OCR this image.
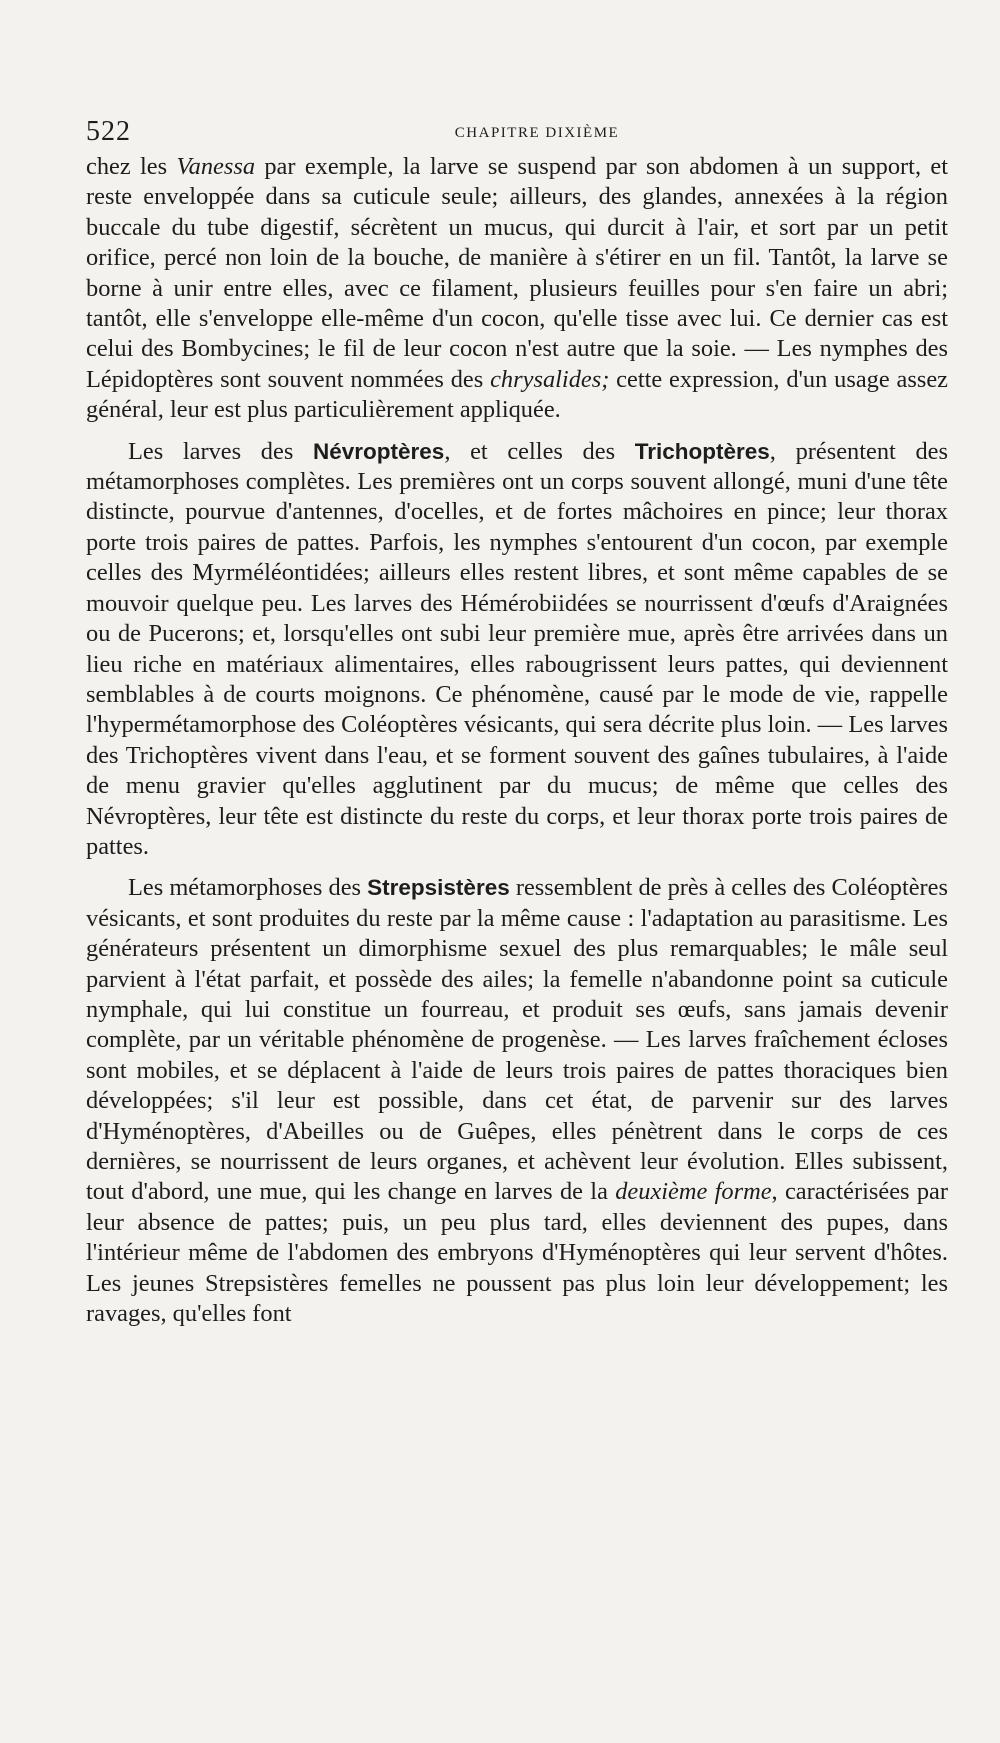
522	CHAPITRE DIXIÈME

chez les Vanessa par exemple, la larve se suspend par son abdomen à un support, et reste enveloppée dans sa cuticule seule; ailleurs, des glandes, annexées à la région buccale du tube digestif, sécrètent un mucus, qui durcit à l'air, et sort par un petit orifice, percé non loin de la bouche, de manière à s'étirer en un fil. Tantôt, la larve se borne à unir entre elles, avec ce filament, plusieurs feuilles pour s'en faire un abri; tantôt, elle s'enveloppe elle-même d'un cocon, qu'elle tisse avec lui. Ce dernier cas est celui des Bombycines; le fil de leur cocon n'est autre que la soie. — Les nymphes des Lépidoptères sont souvent nommées des chrysalides; cette expression, d'un usage assez général, leur est plus particulièrement appliquée.

Les larves des Névroptères, et celles des Trichoptères, présentent des métamorphoses complètes. Les premières ont un corps souvent allongé, muni d'une tête distincte, pourvue d'antennes, d'ocelles, et de fortes mâchoires en pince; leur thorax porte trois paires de pattes. Parfois, les nymphes s'entourent d'un cocon, par exemple celles des Myrméléontidées; ailleurs elles restent libres, et sont même capables de se mouvoir quelque peu. Les larves des Hémérobiidées se nourrissent d'œufs d'Araignées ou de Pucerons; et, lorsqu'elles ont subi leur première mue, après être arrivées dans un lieu riche en matériaux alimentaires, elles rabougrissent leurs pattes, qui deviennent semblables à de courts moignons. Ce phénomène, causé par le mode de vie, rappelle l'hypermétamorphose des Coléoptères vésicants, qui sera décrite plus loin. — Les larves des Trichoptères vivent dans l'eau, et se forment souvent des gaînes tubulaires, à l'aide de menu gravier qu'elles agglutinent par du mucus; de même que celles des Névroptères, leur tête est distincte du reste du corps, et leur thorax porte trois paires de pattes.

Les métamorphoses des Strepsistères ressemblent de près à celles des Coléoptères vésicants, et sont produites du reste par la même cause : l'adaptation au parasitisme. Les générateurs présentent un dimorphisme sexuel des plus remarquables; le mâle seul parvient à l'état parfait, et possède des ailes; la femelle n'abandonne point sa cuticule nymphale, qui lui constitue un fourreau, et produit ses œufs, sans jamais devenir complète, par un véritable phénomène de progenèse. — Les larves fraîchement écloses sont mobiles, et se déplacent à l'aide de leurs trois paires de pattes thoraciques bien développées; s'il leur est possible, dans cet état, de parvenir sur des larves d'Hyménoptères, d'Abeilles ou de Guêpes, elles pénètrent dans le corps de ces dernières, se nourrissent de leurs organes, et achèvent leur évolution. Elles subissent, tout d'abord, une mue, qui les change en larves de la deuxième forme, caractérisées par leur absence de pattes; puis, un peu plus tard, elles deviennent des pupes, dans l'intérieur même de l'abdomen des embryons d'Hyménoptères qui leur servent d'hôtes. Les jeunes Strepsistères femelles ne poussent pas plus loin leur développement; les ravages, qu'elles font
